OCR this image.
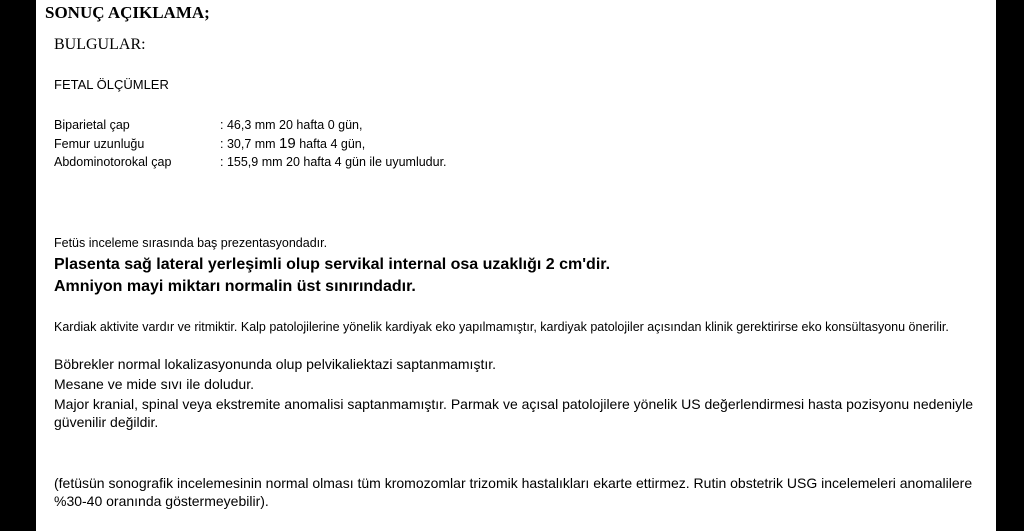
SONUÇ AÇIKLAMA;
BULGULAR:
FETAL ÖLÇÜMLER
Biparietal çap	: 46,3 mm 20 hafta 0 gün,
Femur uzunluğu	: 30,7 mm 19 hafta 4 gün,
Abdominotorokal çap	: 155,9 mm 20 hafta 4 gün ile uyumludur.
Fetüs inceleme sırasında baş prezentasyondadır.
Plasenta sağ lateral yerleşimli olup servikal internal osa uzaklığı 2 cm'dir.
Amniyon mayi miktarı normalin üst sınırındadır.
Kardiak aktivite vardır ve ritmiktir. Kalp patolojilerine yönelik kardiyak eko yapılmamıştır, kardiyak patolojiler açısından klinik gerektirirse eko konsültasyonu önerilir.
Böbrekler normal lokalizasyonunda olup pelvikaliektazi saptanmamıştır.
Mesane ve mide sıvı ile doludur.
Major kranial, spinal veya ekstremite anomalisi saptanmamıştır. Parmak ve açısal patolojilere yönelik US değerlendirmesi hasta pozisyonu nedeniyle güvenilir değildir.
(fetüsün sonografik incelemesinin normal olması tüm kromozomlar trizomik hastalıkları ekarte ettirmez. Rutin obstetrik USG incelemeleri anomalilere %30-40 oranında göstermeyebilir).
